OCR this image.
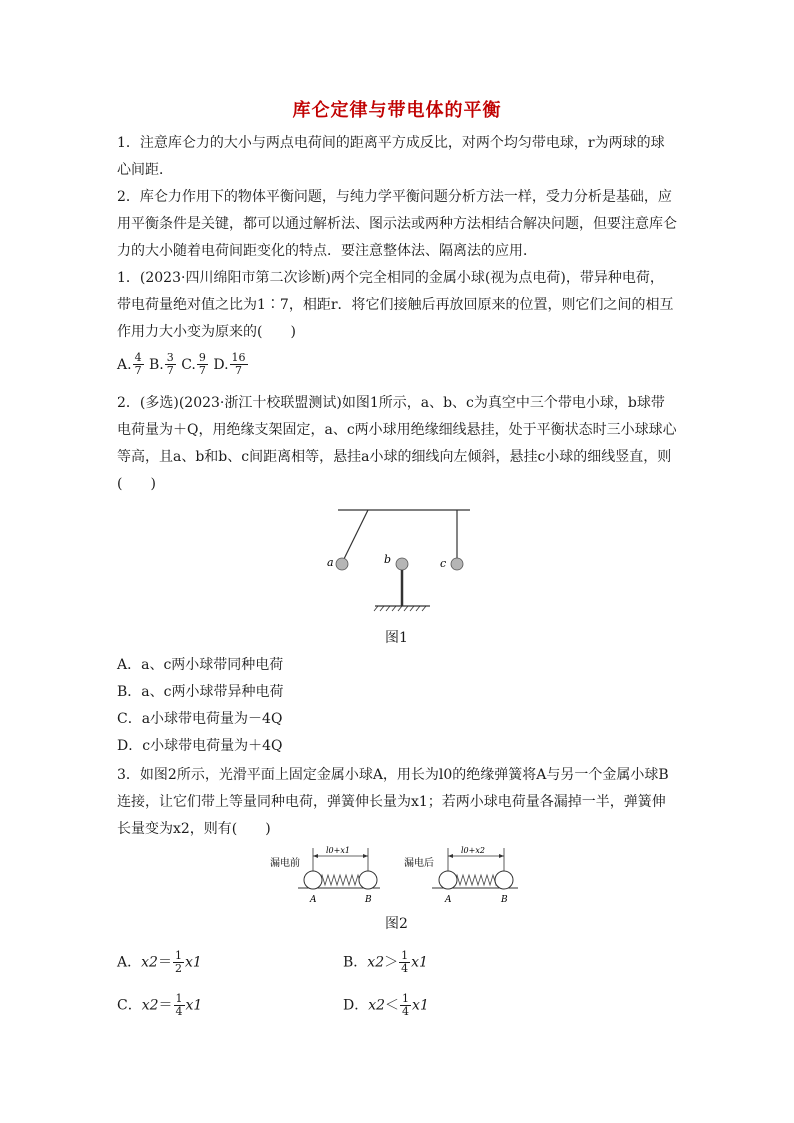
库仑定律与带电体的平衡
1．注意库仑力的大小与两点电荷间的距离平方成反比，对两个均匀带电球，r为两球的球心间距．
2．库仑力作用下的物体平衡问题，与纯力学平衡问题分析方法一样，受力分析是基础，应用平衡条件是关键，都可以通过解析法、图示法或两种方法相结合解决问题，但要注意库仑力的大小随着电荷间距变化的特点．要注意整体法、隔离法的应用．
1．(2023·四川绵阳市第二次诊断)两个完全相同的金属小球(视为点电荷)，带异种电荷，带电荷量绝对值之比为1∶7，相距r．将它们接触后再放回原来的位置，则它们之间的相互作用力大小变为原来的(　　)
A. $\frac{4}{7} B$. $\frac{3}{7} C$. $\frac{9}{7} D$. $\frac{16}{7}$
2．(多选)(2023·浙江十校联盟测试)如图1所示，a、b、c为真空中三个带电小球，b球带电荷量为＋Q，用绝缘支架固定，a、c两小球用绝缘细线悬挂，处于平衡状态时三小球球心等高，且a、b和b、c间距离相等，悬挂a小球的细线向左倾斜，悬挂c小球的细线竖直，则(　　)
a	b	c
图1
A．a、c两小球带同种电荷
B．a、c两小球带异种电荷
C．a小球带电荷量为－4Q
D．c小球带电荷量为＋4Q
3．如图2所示，光滑平面上固定金属小球A，用长为l0的绝缘弹簧将A与另一个金属小球B连接，让它们带上等量同种电荷，弹簧伸长量为x1；若两小球电荷量各漏掉一半，弹簧伸长量变为x2，则有(　　)
漏电前
l0+x1
A	B
漏电后
l0+x2
A	B
图2
A．$x2= \frac{1}{2} x1$	B．$x2> \frac{1}{4} x1$
C．$x2= \frac{1}{4} x1$	D．$x2< \frac{1}{4} x1$
